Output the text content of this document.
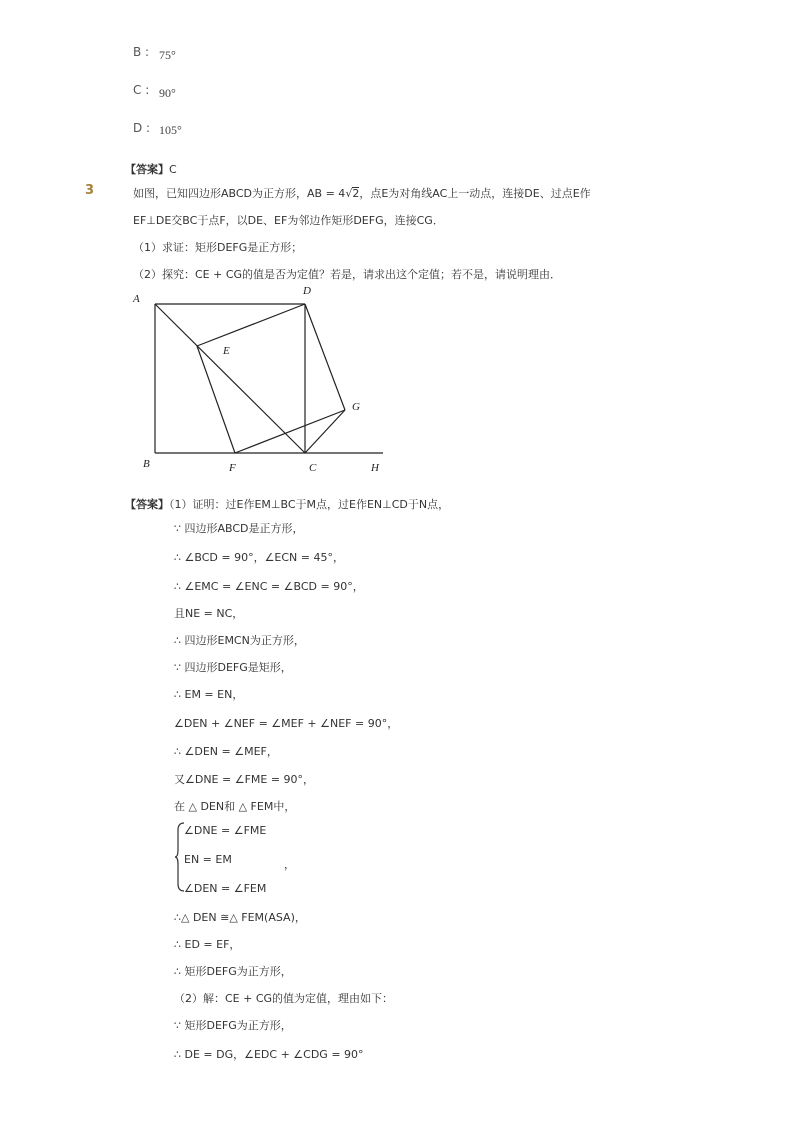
B : 75°
C : 90°
D : 105°
【答案】C
3	如图，已知四边形ABCD为正方形，AB = 4√2，点E为对角线AC上一动点，连接DE、过点E作
EF⊥DE交BC于点F，以DE、EF为邻边作矩形DEFG，连接CG．
（1）求证：矩形DEFG是正方形；
（2）探究：CE + CG的值是否为定值？若是，请求出这个定值；若不是，请说明理由．
A
D
E
G
B	F	C	H
【答案】（1）证明：过E作EM⊥BC于M点，过E作EN⊥CD于N点，
∵ 四边形ABCD是正方形，
∴ ∠BCD = 90°，∠ECN = 45°，
∴ ∠EMC = ∠ENC = ∠BCD = 90°，
且NE = NC，
∴ 四边形EMCN为正方形，
∵ 四边形DEFG是矩形，
∴ EM = EN，
∠DEN + ∠NEF = ∠MEF + ∠NEF = 90°，
∴ ∠DEN = ∠MEF，
又∠DNE = ∠FME = 90°，
在 △ DEN和 △ FEM中，
∠DNE = ∠FME
EN = EM
∠DEN = ∠FEM
，
∴△ DEN ≅△ FEM(ASA)，
∴ ED = EF，
∴ 矩形DEFG为正方形，
（2）解：CE + CG的值为定值，理由如下：
∵ 矩形DEFG为正方形，
∴ DE = DG，∠EDC + ∠CDG = 90°
